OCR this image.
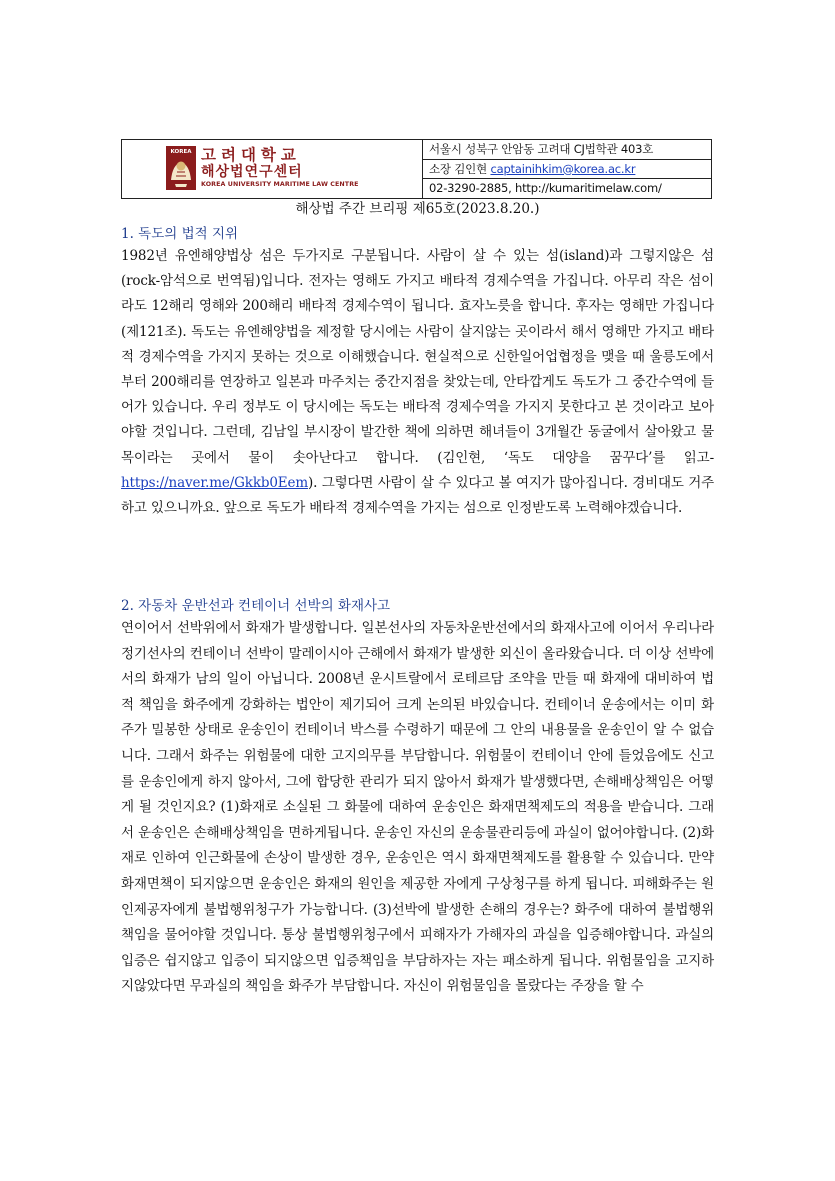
KOREA 고려대학교
해상법연구센터
KOREA UNIVERSITY MARITIME LAW CENTRE

서울시 성북구 안암동 고려대 CJ법학관 403호

소장 김인현 captainihkim@korea.ac.kr

02-3290-2885, http://kumaritimelaw.com/
해상법 주간 브리핑 제65호(2023.8.20.)
1. 독도의 법적 지위

1982년 유엔해양법상 섬은 두가지로 구분됩니다. 사람이 살 수 있는 섬(island)과 그렇지않은 섬(rock-암석으로 번역됨)입니다. 전자는 영해도 가지고 배타적 경제수역을 가집니다. 아무리 작은 섬이라도 12해리 영해와 200해리 배타적 경제수역이 됩니다. 효자노릇을 합니다. 후자는 영해만 가집니다(제121조). 독도는 유엔해양법을 제정할 당시에는 사람이 살지않는 곳이라서 해서 영해만 가지고 배타적 경제수역을 가지지 못하는 것으로 이해했습니다. 현실적으로 신한일어업협정을 맺을 때 울릉도에서부터 200해리를 연장하고 일본과 마주치는 중간지점을 찾았는데, 안타깝게도 독도가 그 중간수역에 들어가 있습니다. 우리 정부도 이 당시에는 독도는 배타적 경제수역을 가지지 못한다고 본 것이라고 보아야할 것입니다. 그런데, 김남일 부시장이 발간한 책에 의하면 해녀들이 3개월간 동굴에서 살아왔고 물목이라는 곳에서 물이 솟아난다고 합니다. (김인현, ‘독도 대양을 꿈꾸다’를 읽고- https://naver.me/Gkkb0Eem). 그렇다면 사람이 살 수 있다고 볼 여지가 많아집니다. 경비대도 거주하고 있으니까요. 앞으로 독도가 배타적 경제수역을 가지는 섬으로 인정받도록 노력해야겠습니다.

2. 자동차 운반선과 컨테이너 선박의 화재사고

연이어서 선박위에서 화재가 발생합니다. 일본선사의 자동차운반선에서의 화재사고에 이어서 우리나라 정기선사의 컨테이너 선박이 말레이시아 근해에서 화재가 발생한 외신이 올라왔습니다. 더 이상 선박에서의 화재가 남의 일이 아닙니다. 2008년 운시트랄에서 로테르담 조약을 만들 때 화재에 대비하여 법적 책임을 화주에게 강화하는 법안이 제기되어 크게 논의된 바있습니다. 컨테이너 운송에서는 이미 화주가 밀봉한 상태로 운송인이 컨테이너 박스를 수령하기 때문에 그 안의 내용물을 운송인이 알 수 없습니다. 그래서 화주는 위험물에 대한 고지의무를 부담합니다. 위험물이 컨테이너 안에 들었음에도 신고를 운송인에게 하지 않아서, 그에 합당한 관리가 되지 않아서 화재가 발생했다면, 손해배상책임은 어떻게 될 것인지요? (1)화재로 소실된 그 화물에 대하여 운송인은 화재면책제도의 적용을 받습니다. 그래서 운송인은 손해배상책임을 면하게됩니다. 운송인 자신의 운송물관리등에 과실이 없어야합니다. (2)화재로 인하여 인근화물에 손상이 발생한 경우, 운송인은 역시 화재면책제도를 활용할 수 있습니다. 만약 화재면책이 되지않으면 운송인은 화재의 원인을 제공한 자에게 구상청구를 하게 됩니다. 피해화주는 원인제공자에게 불법행위청구가 가능합니다. (3)선박에 발생한 손해의 경우는? 화주에 대하여 불법행위책임을 물어야할 것입니다. 통상 불법행위청구에서 피해자가 가해자의 과실을 입증해야합니다. 과실의 입증은 쉽지않고 입증이 되지않으면 입증책임을 부담하자는 자는 패소하게 됩니다. 위험물임을 고지하지않았다면 무과실의 책임을 화주가 부담합니다. 자신이 위험물임을 몰랐다는 주장을 할 수
